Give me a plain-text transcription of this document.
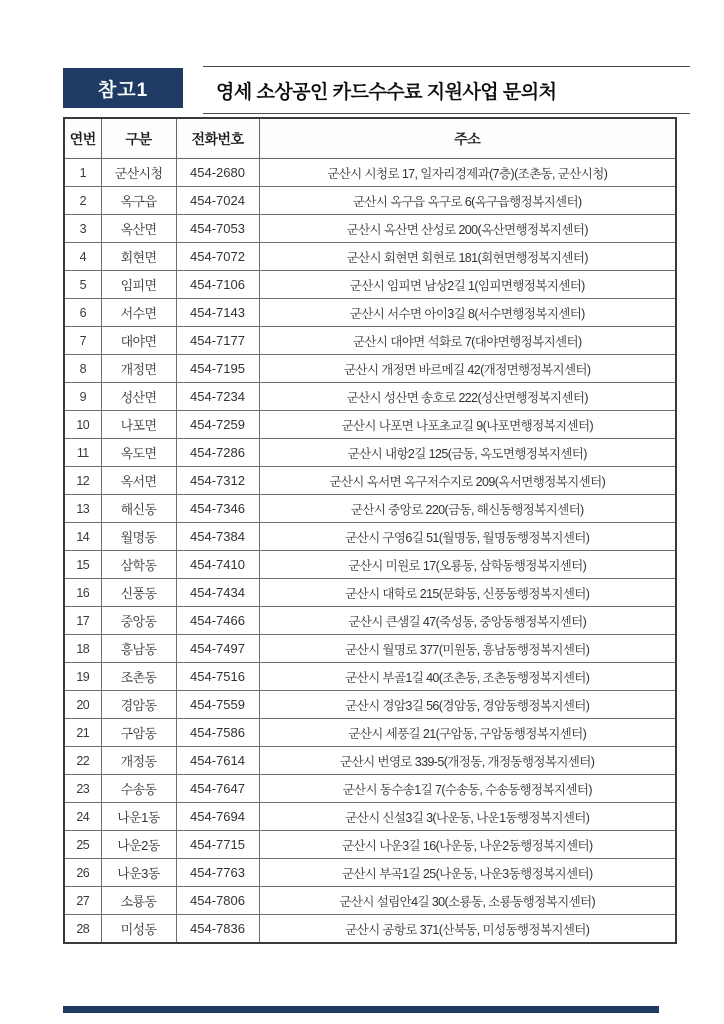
참고1	영세 소상공인 카드수수료 지원사업 문의처
연번	구분	전화번호	주소
1	군산시청	454-2680	군산시 시청로 17, 일자리경제과(7층)(조촌동, 군산시청)
2	옥구읍	454-7024	군산시 옥구읍 옥구로 6(옥구읍행정복지센터)
3	옥산면	454-7053	군산시 옥산면 산성로 200(옥산면행정복지센터)
4	회현면	454-7072	군산시 회현면 회현로 181(회현면행정복지센터)
5	임피면	454-7106	군산시 임피면 남상2길 1(임피면행정복지센터)
6	서수면	454-7143	군산시 서수면 아이3길 8(서수면행정복지센터)
7	대야면	454-7177	군산시 대야면 석화로 7(대야면행정복지센터)
8	개정면	454-7195	군산시 개정면 바르메길 42(개정면행정복지센터)
9	성산면	454-7234	군산시 성산면 송호로 222(성산면행정복지센터)
10	나포면	454-7259	군산시 나포면 나포초교길 9(나포면행정복지센터)
11	옥도면	454-7286	군산시 내항2길 125(금동, 옥도면행정복지센터)
12	옥서면	454-7312	군산시 옥서면 옥구저수지로 209(옥서면행정복지센터)
13	해신동	454-7346	군산시 중앙로 220(금동, 해신동행정복지센터)
14	월명동	454-7384	군산시 구영6길 51(월명동, 월명동행정복지센터)
15	삼학동	454-7410	군산시 미원로 17(오룡동, 삼학동행정복지센터)
16	신풍동	454-7434	군산시 대학로 215(문화동, 신풍동행정복지센터)
17	중앙동	454-7466	군산시 큰샘길 47(죽성동, 중앙동행정복지센터)
18	흥남동	454-7497	군산시 월명로 377(미원동, 흥남동행정복지센터)
19	조촌동	454-7516	군산시 부골1길 40(조촌동, 조촌동행정복지센터)
20	경암동	454-7559	군산시 경암3길 56(경암동, 경암동행정복지센터)
21	구암동	454-7586	군산시 세풍길 21(구암동, 구암동행정복지센터)
22	개정동	454-7614	군산시 번영로 339-5(개정동, 개정동행정복지센터)
23	수송동	454-7647	군산시 동수송1길 7(수송동, 수송동행정복지센터)
24	나운1동	454-7694	군산시 신설3길 3(나운동, 나운1동행정복지센터)
25	나운2동	454-7715	군산시 나운3길 16(나운동, 나운2동행정복지센터)
26	나운3동	454-7763	군산시 부곡1길 25(나운동, 나운3동행정복지센터)
27	소룡동	454-7806	군산시 설림안4길 30(소룡동, 소룡동행정복지센터)
28	미성동	454-7836	군산시 공항로 371(산북동, 미성동행정복지센터)
